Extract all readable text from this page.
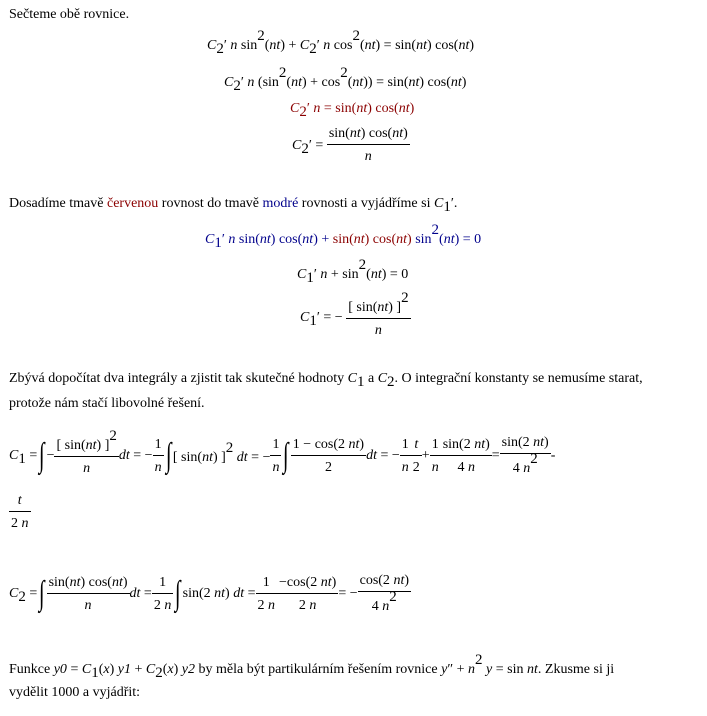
Sečteme obě rovnice.
$C_2'$ n $\sin^2(nt) + C_2'$ n $\cos^2(nt) = \sin(nt)$ cos(nt)
$C_2'$ n $(\sin^2(nt) + \cos^2(nt)) = \sin(nt)$ cos(nt)
$C_2'$ n = sin(nt) cos(nt)
$C_2' = \frac{\sin(nt) \cos(nt)}{n}$
Dosadíme tmavě červenou rovnost do tmavě modré rovnosti a vyjádříme si $C_1'$.
$C_1'$ n sin(nt) cos(nt) + sin(nt) cos(nt) $\sin^2(nt) = 0$
$C_1'$ $n + \sin^2(nt) = 0$
$C_1'$ = − $\frac{[ \sin(nt) ]^2}{n}$
Zbývá dopočítat dva integrály a zjistit tak skutečné hodnoty $C_1$ a $C_2$. O integrační konstanty se nemusíme starat,
protože nám stačí libovolné řešení.
$C_1$ = ∫ − $\frac{[ \sin(nt) ]^2}{n}$ dt = − $\frac{1}{n}$ ∫ [ sin(nt) ]$^2$ dt = − $\frac{1}{n}$ ∫ $\frac{1 - \cos(2 nt)}{2}$ dt = − $\frac{1}{n} \frac{t}{2} + \frac{1}{n} \frac{\sin(2 nt)}{4 n} = \frac{\sin(2 nt)}{4 n^2}$ -
$\frac{t}{2 n}$
$C_2$ = ∫ $\frac{\sin(nt) \cos(nt)}{n}$ dt = $\frac{1}{2 n}$ ∫ sin(2 nt) dt = $\frac{1}{2 n} \frac{-\cos(2 nt)}{2 n}$ = − $\frac{\cos(2 nt)}{4 n^2}$
Funkce $y0 = C_1(x) y1 + C_2(x)$ y2 by měla být partikulárním řešením rovnice $y'' + n^2$ y = sin nt. Zkusme si ji
vydělit 1000 a vyjádřit:
